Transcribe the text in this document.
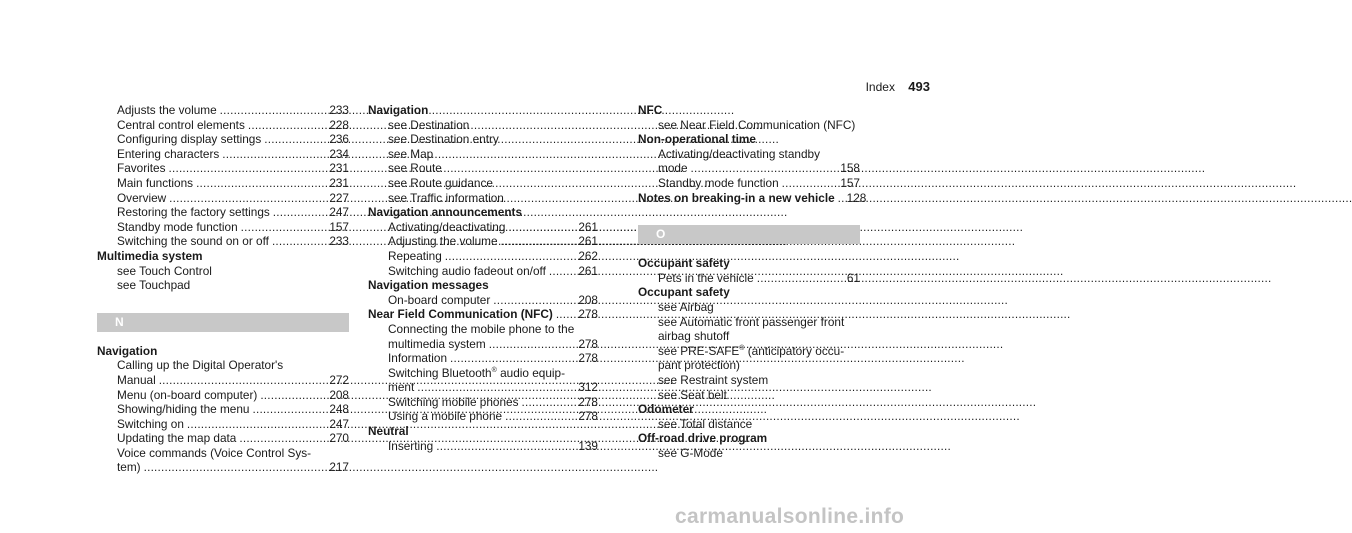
Index 493
Adjusts the volume .....	233
Central control elements .....	228
Configuring display settings .....	236
Entering characters .....	234
Favorites .....	231
Main functions .....	231
Overview .....	227
Restoring the factory settings .....	247
Standby mode function .....	157
Switching the sound on or off .....	233
Multimedia system
see Touch Control
see Touchpad
N
Navigation
Calling up the Digital Operator's
Manual .....	272
Menu (on-board computer) .....	208
Showing/hiding the menu .....	248
Switching on .....	247
Updating the map data .....	270
Voice commands (Voice Control Sys-
tem) .....	217
Navigation
see Destination
see Destination entry
see Map
see Route
see Route guidance
see Traffic information
Navigation announcements
Activating/deactivating .....	261
Adjusting the volume .....	261
Repeating .....	262
Switching audio fadeout on/off .....	261
Navigation messages
On-board computer .....	208
Near Field Communication (NFC) ..... 278
Connecting the mobile phone to the
multimedia system .....	278
Information .....	278
Switching Bluetooth® audio equip-
ment .....	312
Switching mobile phones .....	278
Using a mobile phone .....	278
Neutral
Inserting .....	139
NFC
see Near Field Communication (NFC)
Non-operational time
Activating/deactivating standby
mode .....	158
Standby mode function .....	157
Notes on breaking-in a new vehicle ..... 128
O
Occupant safety
Pets in the vehicle .....	61
Occupant safety
see Airbag
see Automatic front passenger front
airbag shutoff
see PRE-SAFE® (anticipatory occu-
pant protection)
see Restraint system
see Seat belt
Odometer
see Total distance
Off-road drive program
see G-Mode
carmanualsonline.info
